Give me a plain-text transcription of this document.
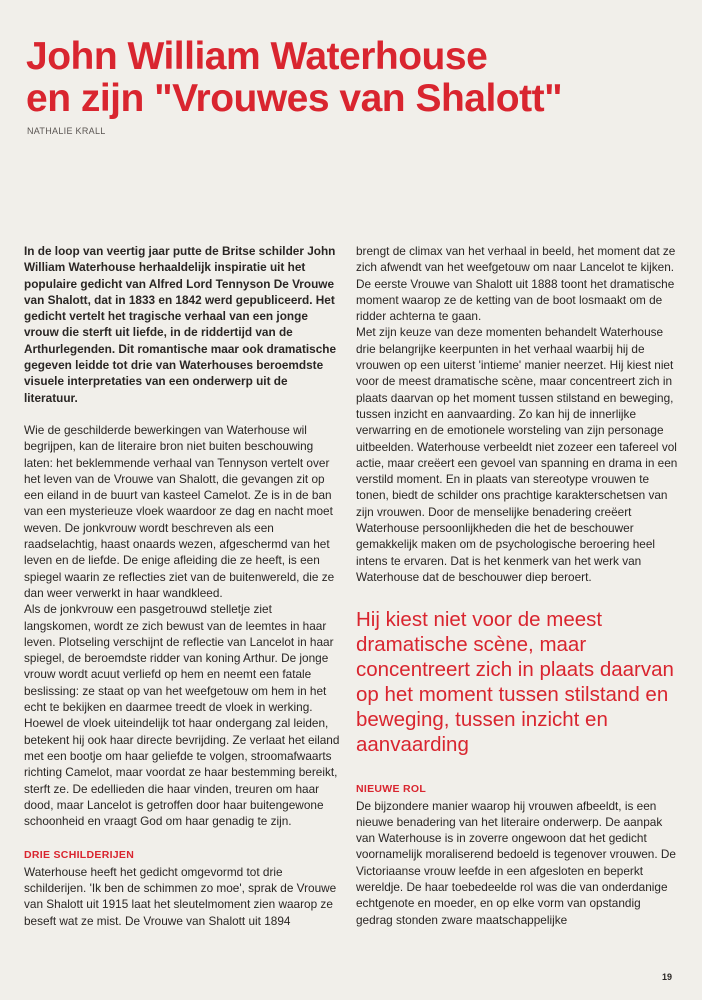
John William Waterhouse
en zijn "Vrouwes van Shalott"
NATHALIE KRALL

In de loop van veertig jaar putte de Britse schilder John William Waterhouse herhaaldelijk inspiratie uit het populaire gedicht van Alfred Lord Tennyson De Vrouwe van Shalott, dat in 1833 en 1842 werd gepubliceerd. Het gedicht vertelt het tragische verhaal van een jonge vrouw die sterft uit liefde, in de riddertijd van de Arthurlegenden. Dit romantische maar ook dramatische gegeven leidde tot drie van Waterhouses beroemdste visuele interpretaties van een onderwerp uit de literatuur.

Wie de geschilderde bewerkingen van Waterhouse wil begrijpen, kan de literaire bron niet buiten beschouwing laten: het beklemmende verhaal van Tennyson vertelt over het leven van de Vrouwe van Shalott, die gevangen zit op een eiland in de buurt van kasteel Camelot. Ze is in de ban van een mysterieuze vloek waardoor ze dag en nacht moet weven. De jonkvrouw wordt beschreven als een raadselachtig, haast onaards wezen, afgeschermd van het leven en de liefde. De enige afleiding die ze heeft, is een spiegel waarin ze reflecties ziet van de buitenwereld, die ze dan weer verwerkt in haar wandkleed.

Als de jonkvrouw een pasgetrouwd stelletje ziet langskomen, wordt ze zich bewust van de leemtes in haar leven. Plotseling verschijnt de reflectie van Lancelot in haar spiegel, de beroemdste ridder van koning Arthur. De jonge vrouw wordt acuut verliefd op hem en neemt een fatale beslissing: ze staat op van het weefgetouw om hem in het echt te bekijken en daarmee treedt de vloek in werking. Hoewel de vloek uiteindelijk tot haar ondergang zal leiden, betekent hij ook haar directe bevrijding. Ze verlaat het eiland met een bootje om haar geliefde te volgen, stroomafwaarts richting Camelot, maar voordat ze haar bestemming bereikt, sterft ze. De edellieden die haar vinden, treuren om haar dood, maar Lancelot is getroffen door haar buitengewone schoonheid en vraagt God om haar genadig te zijn.

DRIE SCHILDERIJEN

Waterhouse heeft het gedicht omgevormd tot drie schilderijen. 'Ik ben de schimmen zo moe', sprak de Vrouwe van Shalott uit 1915 laat het sleutelmoment zien waarop ze beseft wat ze mist. De Vrouwe van Shalott uit 1894

brengt de climax van het verhaal in beeld, het moment dat ze zich afwendt van het weefgetouw om naar Lancelot te kijken. De eerste Vrouwe van Shalott uit 1888 toont het dramatische moment waarop ze de ketting van de boot losmaakt om de ridder achterna te gaan.

Met zijn keuze van deze momenten behandelt Waterhouse drie belangrijke keerpunten in het verhaal waarbij hij de vrouwen op een uiterst 'intieme' manier neerzet. Hij kiest niet voor de meest dramatische scène, maar concentreert zich in plaats daarvan op het moment tussen stilstand en beweging, tussen inzicht en aanvaarding. Zo kan hij de innerlijke verwarring en de emotionele worsteling van zijn personage uitbeelden. Waterhouse verbeeldt niet zozeer een tafereel vol actie, maar creëert een gevoel van spanning en drama in een verstild moment. En in plaats van stereotype vrouwen te tonen, biedt de schilder ons prachtige karakterschetsen van zijn vrouwen. Door de menselijke benadering creëert Waterhouse persoonlijkheden die het de beschouwer gemakkelijk maken om de psychologische beroering heel intens te ervaren. Dat is het kenmerk van het werk van Waterhouse dat de beschouwer diep beroert.

Hij kiest niet voor de meest dramatische scène, maar concentreert zich in plaats daarvan op het moment tussen stilstand en beweging, tussen inzicht en aanvaarding

NIEUWE ROL

De bijzondere manier waarop hij vrouwen afbeeldt, is een nieuwe benadering van het literaire onderwerp. De aanpak van Waterhouse is in zoverre ongewoon dat het gedicht voornamelijk moraliserend bedoeld is tegenover vrouwen. De Victoriaanse vrouw leefde in een afgesloten en beperkt wereldje. De haar toebedeelde rol was die van onderdanige echtgenote en moeder, en op elke vorm van opstandig gedrag stonden zware maatschappelijke

19
